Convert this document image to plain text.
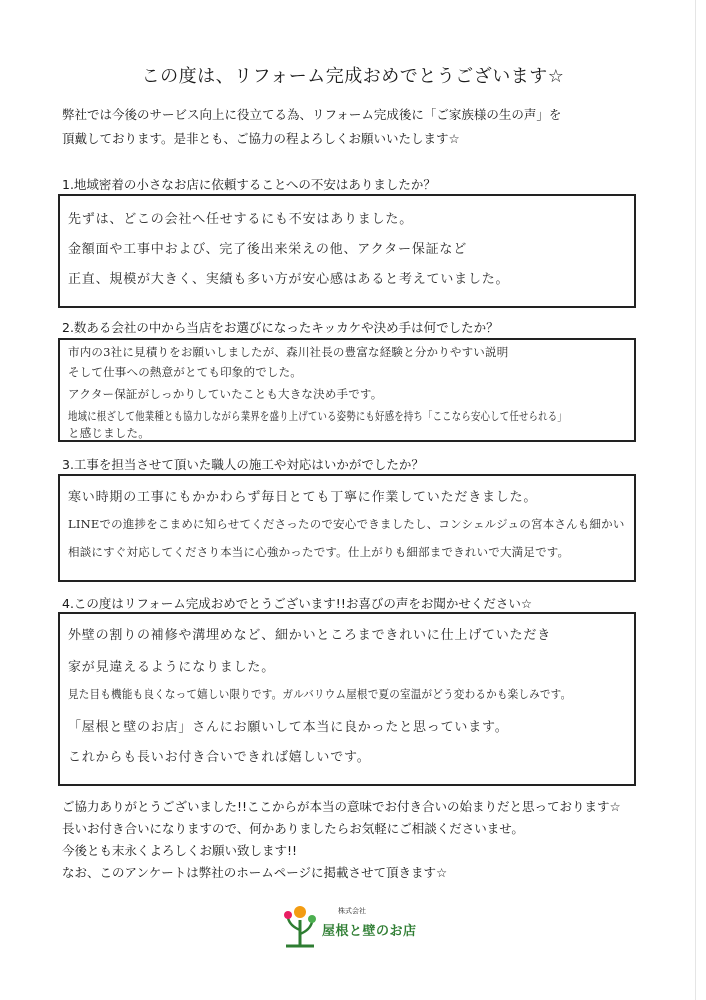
この度は、リフォーム完成おめでとうございます☆
弊社では今後のサービス向上に役立てる為、リフォーム完成後に「ご家族様の生の声」を
頂戴しております。是非とも、ご協力の程よろしくお願いいたします☆
1.地域密着の小さなお店に依頼することへの不安はありましたか？
先ずは、どこの会社へ任せするにも不安はありました。
金額面や工事中および、完了後出来栄えの他、アクター保証など
正直、規模が大きく、実績も多い方が安心感はあると考えていました。
2.数ある会社の中から当店をお選びになったキッカケや決め手は何でしたか？
市内の3社に見積りをお願いしましたが、森川社長の豊富な経験と分かりやすい説明
そして仕事への熱意がとても印象的でした。
アクター保証がしっかりしていたことも大きな決め手です。
地域に根ざして他業種とも協力しながら業界を盛り上げている姿勢にも好感を持ち「ここなら安心して任せられる」
と感じました。
3.工事を担当させて頂いた職人の施工や対応はいかがでしたか？
寒い時期の工事にもかかわらず毎日とても丁寧に作業していただきました。
LINEでの進捗をこまめに知らせてくださったので安心できましたし、コンシェルジュの宮本さんも細かい
相談にすぐ対応してくださり本当に心強かったです。仕上がりも細部まできれいで大満足です。
4.この度はリフォーム完成おめでとうございます!!お喜びの声をお聞かせください☆
外壁の割りの補修や溝埋めなど、細かいところまできれいに仕上げていただき
家が見違えるようになりました。
見た目も機能も良くなって嬉しい限りです。ガルバリウム屋根で夏の室温がどう変わるかも楽しみです。
「屋根と壁のお店」さんにお願いして本当に良かったと思っています。
これからも長いお付き合いできれば嬉しいです。
ご協力ありがとうございました!!ここからが本当の意味でお付き合いの始まりだと思っております☆
長いお付き合いになりますので、何かありましたらお気軽にご相談くださいませ。
今後とも末永くよろしくお願い致します!!
なお、このアンケートは弊社のホームページに掲載させて頂きます☆
株式会社
屋根と壁のお店
